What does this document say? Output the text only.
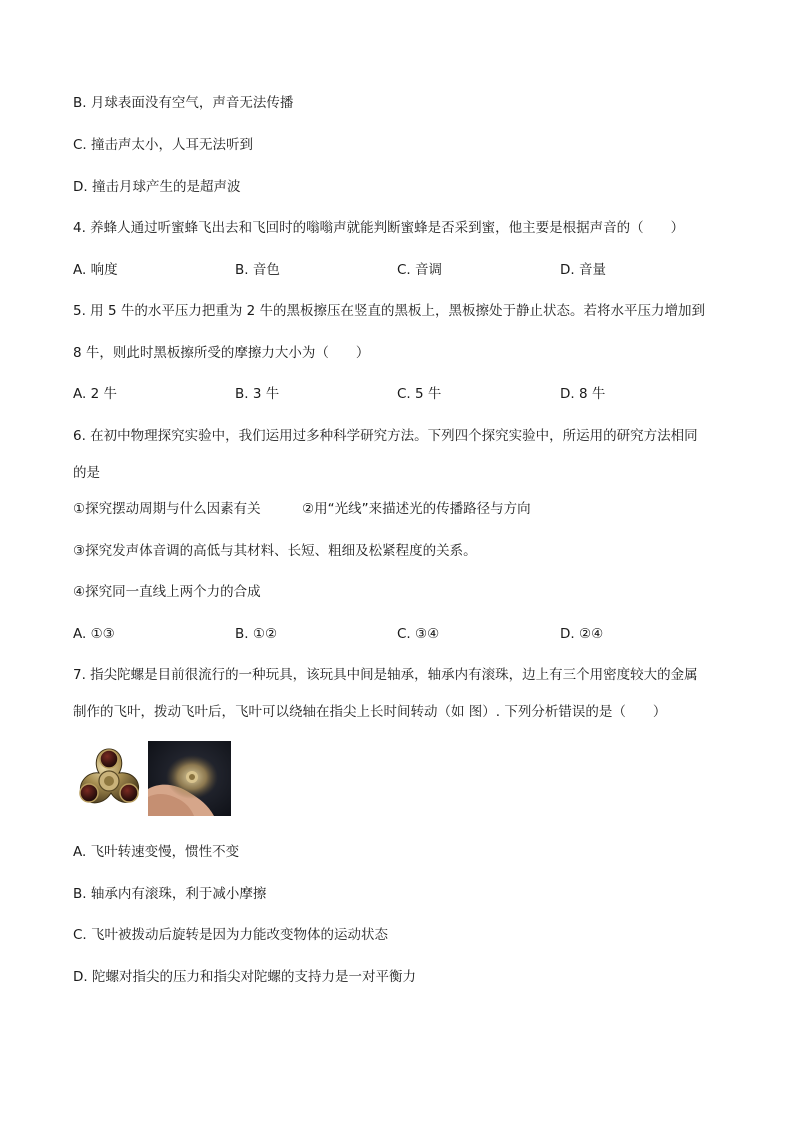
B. 月球表面没有空气，声音无法传播
C. 撞击声太小，人耳无法听到
D. 撞击月球产生的是超声波
4. 养蜂人通过听蜜蜂飞出去和飞回时的嗡嗡声就能判断蜜蜂是否采到蜜，他主要是根据声音的（　　）
A. 响度	B. 音色	C. 音调	D. 音量
5. 用 5 牛的水平压力把重为 2 牛的黑板擦压在竖直的黑板上，黑板擦处于静止状态。若将水平压力增加到
8 牛，则此时黑板擦所受的摩擦力大小为（　　）
A. 2 牛	B. 3 牛	C. 5 牛	D. 8 牛
6. 在初中物理探究实验中，我们运用过多种科学研究方法。下列四个探究实验中，所运用的研究方法相同
的是
①探究摆动周期与什么因素有关	②用“光线”来描述光的传播路径与方向
③探究发声体音调的高低与其材料、长短、粗细及松紧程度的关系。
④探究同一直线上两个力的合成
A. ①③	B. ①②	C. ③④	D. ②④
7. 指尖陀螺是目前很流行的一种玩具，该玩具中间是轴承，轴承内有滚珠，边上有三个用密度较大的金属
制作的飞叶，拨动飞叶后，飞叶可以绕轴在指尖上长时间转动（如 图）. 下列分析错误的是（　　）
A. 飞叶转速变慢，惯性不变
B. 轴承内有滚珠，利于减小摩擦
C. 飞叶被拨动后旋转是因为力能改变物体的运动状态
D. 陀螺对指尖的压力和指尖对陀螺的支持力是一对平衡力
